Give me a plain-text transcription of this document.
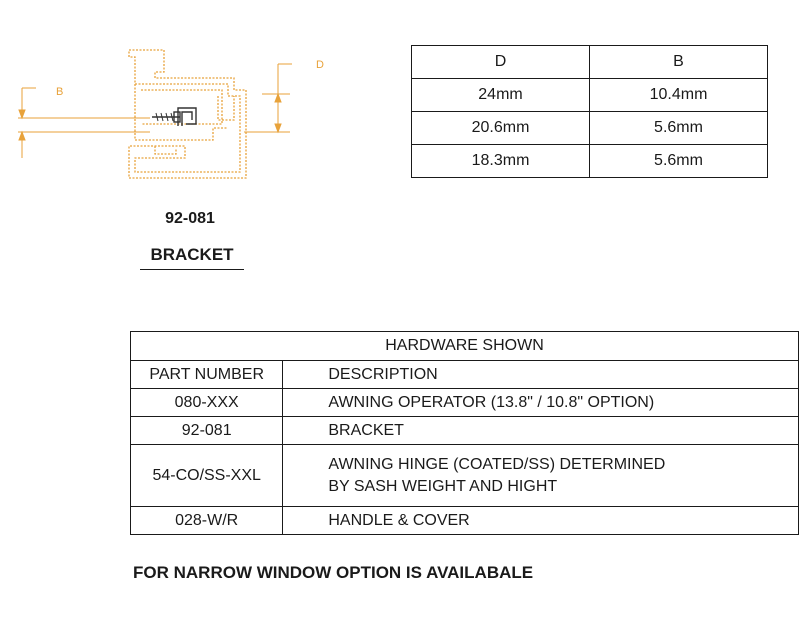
B
D
92-081
BRACKET
D	B
24mm	10.4mm
20.6mm	5.6mm
18.3mm	5.6mm
HARDWARE SHOWN	
PART NUMBER	DESCRIPTION
080-XXX	AWNING OPERATOR (13.8" / 10.8" OPTION)
92-081	BRACKET
54-CO/SS-XXL	AWNING HINGE (COATED/SS) DETERMINED
BY SASH WEIGHT AND HIGHT

028-W/R	HANDLE & COVER
FOR NARROW WINDOW OPTION IS AVAILABALE
